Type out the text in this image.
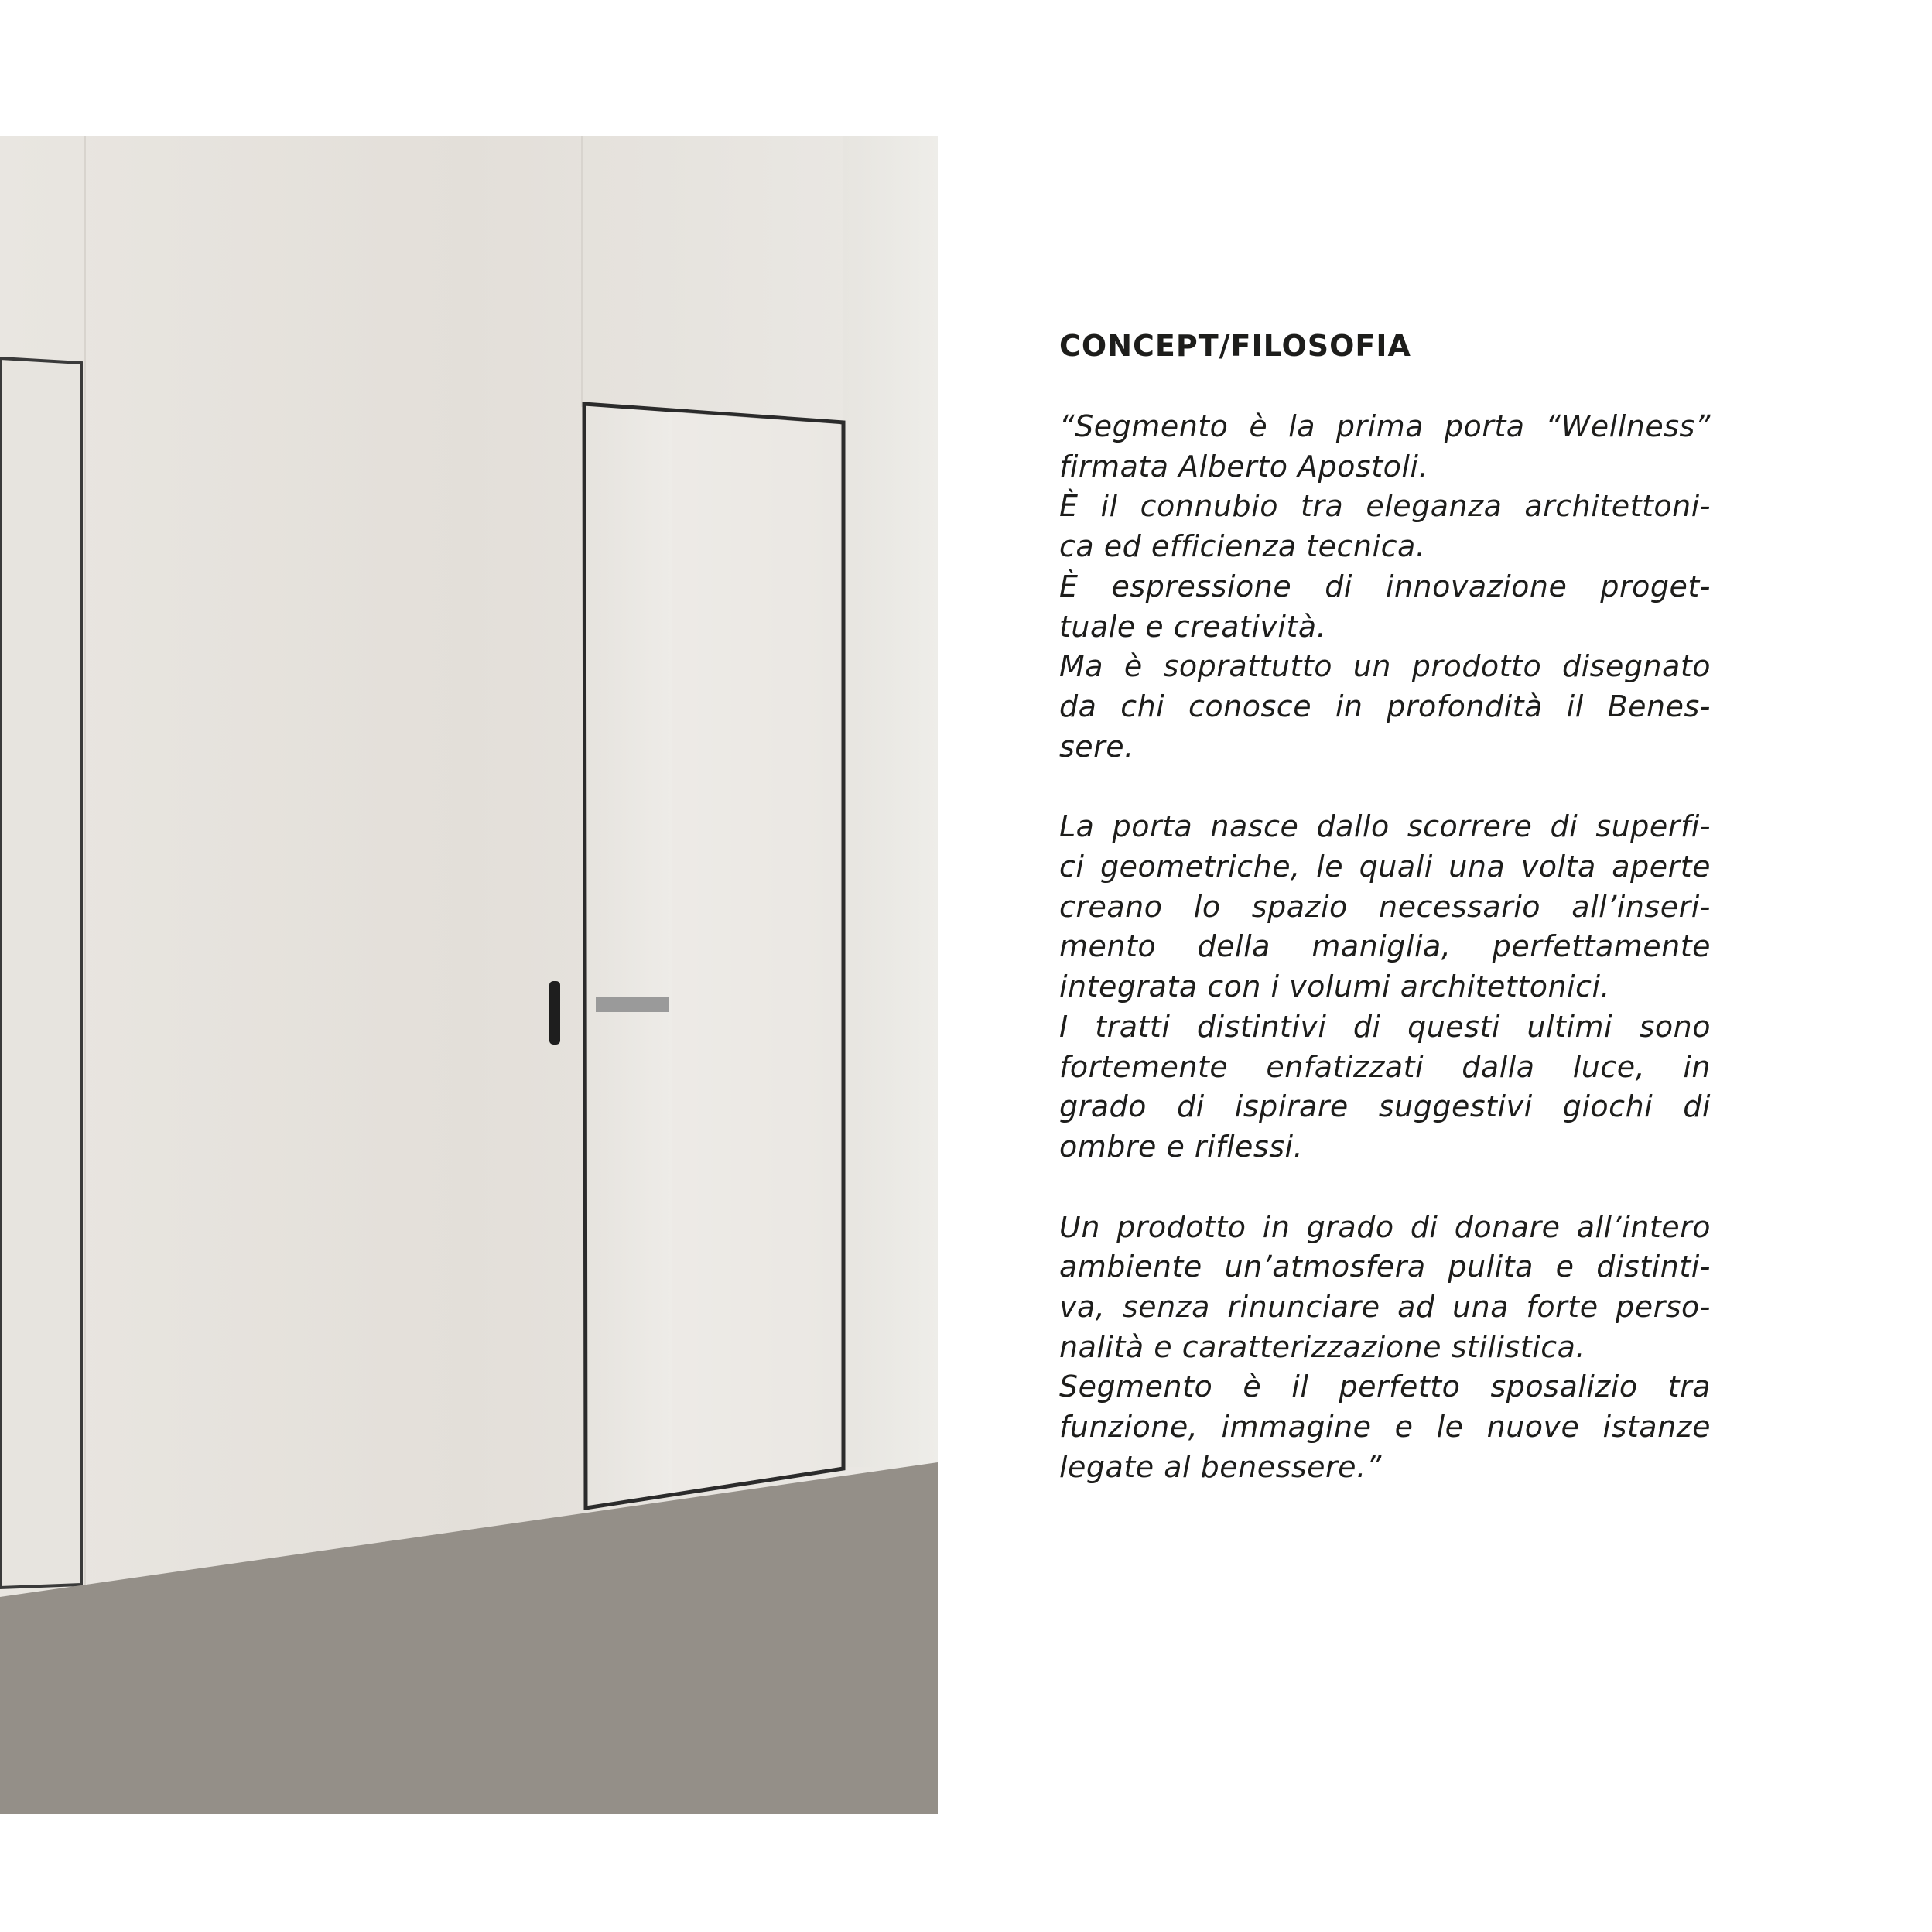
CONCEPT/FILOSOFIA

“Segmento è la prima porta “Wellness”
firmata Alberto Apostoli.
È il connubio tra eleganza architettoni-
ca ed efficienza tecnica.
È espressione di innovazione proget-
tuale e creatività.
Ma è soprattutto un prodotto disegnato
da chi conosce in profondità il Benes-
sere.

La porta nasce dallo scorrere di superfi-
ci geometriche, le quali una volta aperte
creano lo spazio necessario all’inseri-
mento della maniglia, perfettamente
integrata con i volumi architettonici.
I tratti distintivi di questi ultimi sono
fortemente enfatizzati dalla luce, in
grado di ispirare suggestivi giochi di
ombre e riflessi.

Un prodotto in grado di donare all’intero
ambiente un’atmosfera pulita e distinti-
va, senza rinunciare ad una forte perso-
nalità e caratterizzazione stilistica.
Segmento è il perfetto sposalizio tra
funzione, immagine e le nuove istanze
legate al benessere.”
